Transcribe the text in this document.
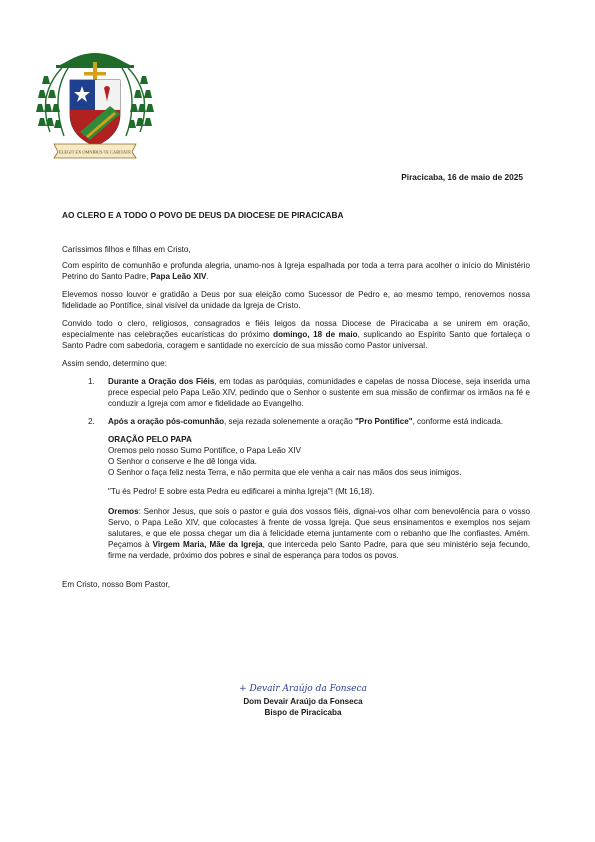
ELEGIT EX OMNIBUS TE CARITATE
Piracicaba, 16 de maio de 2025
AO CLERO E A TODO O POVO DE DEUS DA DIOCESE DE PIRACICABA

Caríssimos filhos e filhas em Cristo,

Com espírito de comunhão e profunda alegria, unamo-nos à Igreja espalhada por toda a terra para acolher o início do Ministério Petrino do Santo Padre, Papa Leão XIV.

Elevemos nosso louvor e gratidão a Deus por sua eleição como Sucessor de Pedro e, ao mesmo tempo, renovemos nossa fidelidade ao Pontífice, sinal visível da unidade da Igreja de Cristo.

Convido todo o clero, religiosos, consagrados e fiéis leigos da nossa Diocese de Piracicaba a se unirem em oração, especialmente nas celebrações eucarísticas do próximo domingo, 18 de maio, suplicando ao Espírito Santo que fortaleça o Santo Padre com sabedoria, coragem e santidade no exercício de sua missão como Pastor universal.

Assim sendo, determino que:

1.	Durante a Oração dos Fiéis, em todas as paróquias, comunidades e capelas de nossa Diocese, seja inserida uma prece especial pelo Papa Leão XIV, pedindo que o Senhor o sustente em sua missão de confirmar os irmãos na fé e conduzir a Igreja com amor e fidelidade ao Evangelho.
2.	Após a oração pós-comunhão, seja rezada solenemente a oração "Pro Pontifice", conforme está indicada.
ORAÇÃO PELO PAPA
Oremos pelo nosso Sumo Pontífice, o Papa Leão XIV
O Senhor o conserve e lhe dê longa vida.
O Senhor o faça feliz nesta Terra, e não permita que ele venha a cair nas mãos dos seus inimigos.
"Tu és Pedro! E sobre esta Pedra eu edificarei a minha Igreja"! (Mt 16,18).
Oremos: Senhor Jesus, que sois o pastor e guia dos vossos fiéis, dignai-vos olhar com benevolência para o vosso Servo, o Papa Leão XIV, que colocastes à frente de vossa Igreja. Que seus ensinamentos e exemplos nos sejam salutares, e que ele possa chegar um dia à felicidade eterna juntamente com o rebanho que lhe confiastes. Amém. Peçamos à Virgem Maria, Mãe da Igreja, que interceda pelo Santo Padre, para que seu ministério seja fecundo, firme na verdade, próximo dos pobres e sinal de esperança para todos os povos.

Em Cristo, nosso Bom Pastor,

+ Devair Araújo da Fonseca
Dom Devair Araújo da Fonseca
Bispo de Piracicaba
